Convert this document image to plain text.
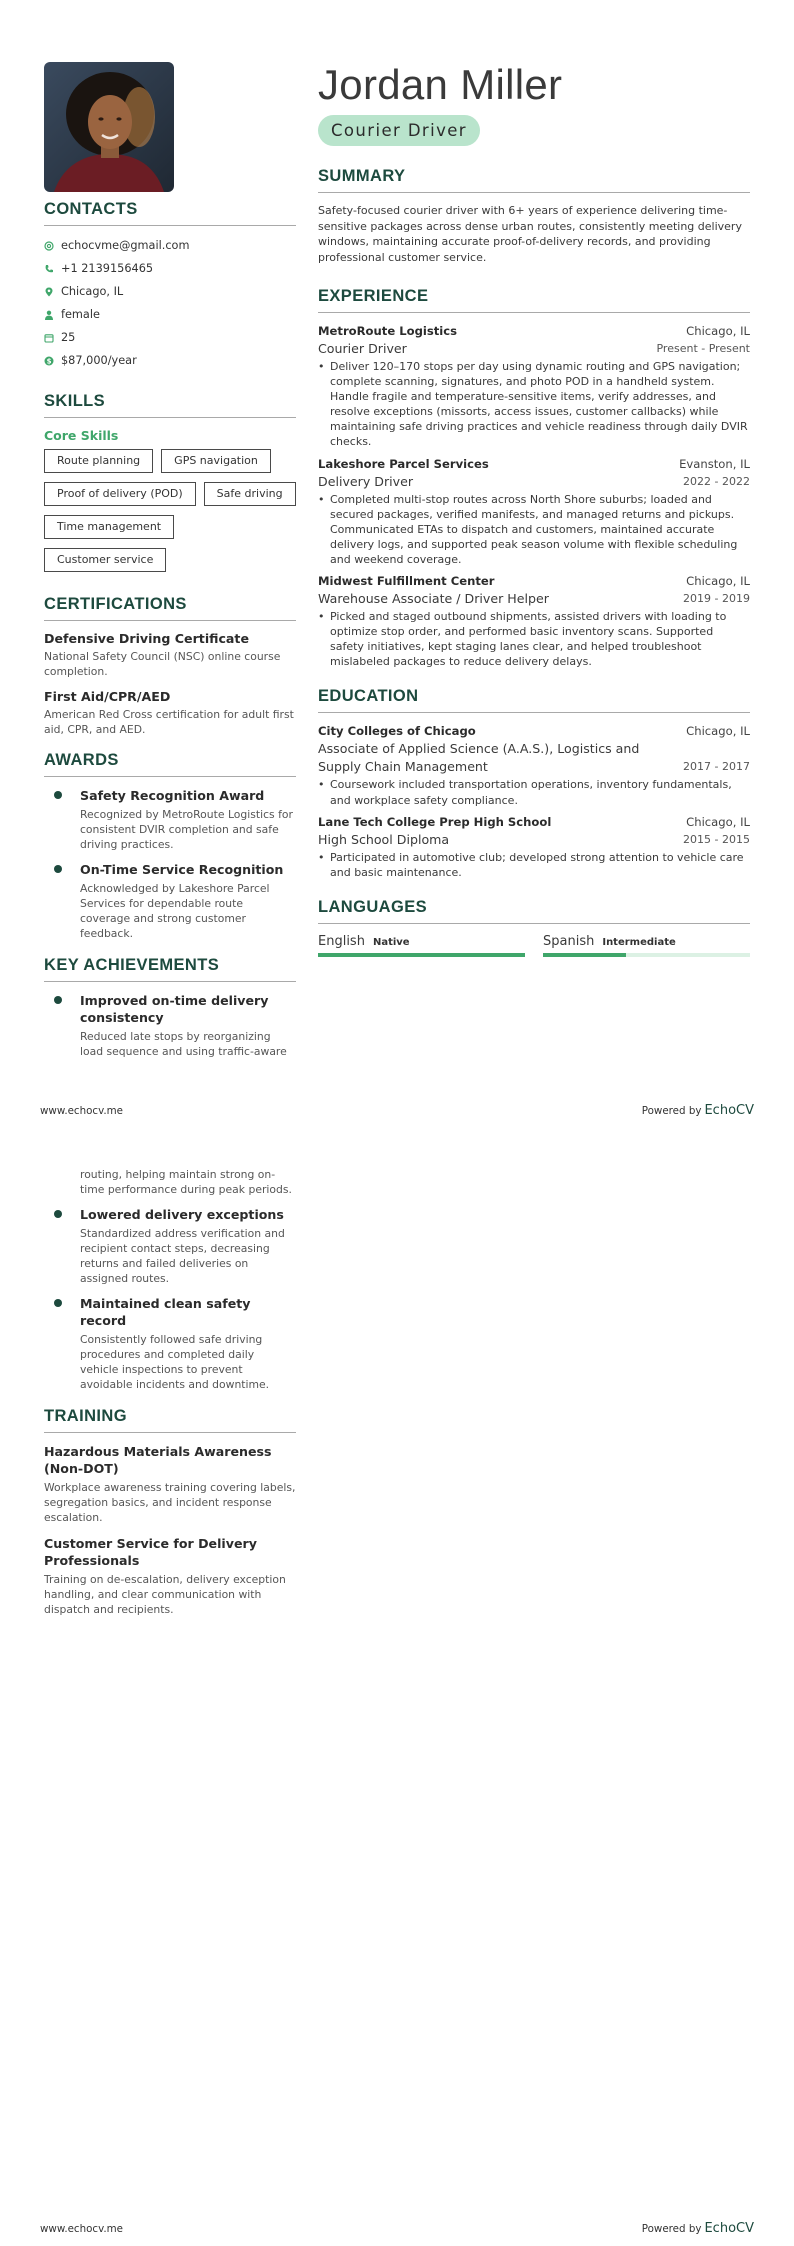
CONTACTS
echocvme@gmail.com
+1 2139156465
Chicago, IL
female
25
$ $87,000/year
SKILLS
Core Skills
Route planning	GPS navigation
Proof of delivery (POD)	Safe driving
Time management
Customer service
CERTIFICATIONS
Defensive Driving Certificate
National Safety Council (NSC) online course completion.
First Aid/CPR/AED
American Red Cross certification for adult first aid, CPR, and AED.
AWARDS
Safety Recognition Award
Recognized by MetroRoute Logistics for consistent DVIR completion and safe driving practices.
On-Time Service Recognition
Acknowledged by Lakeshore Parcel Services for dependable route coverage and strong customer feedback.
KEY ACHIEVEMENTS
Improved on-time delivery consistency
Reduced late stops by reorganizing load sequence and using traffic-aware
Jordan Miller
Courier Driver
SUMMARY
Safety-focused courier driver with 6+ years of experience delivering time-sensitive packages across dense urban routes, consistently meeting delivery windows, maintaining accurate proof-of-delivery records, and providing professional customer service.
EXPERIENCE
MetroRoute Logistics	Chicago, IL
Courier Driver	Present - Present
• Deliver 120–170 stops per day using dynamic routing and GPS navigation; complete scanning, signatures, and photo POD in a handheld system. Handle fragile and temperature-sensitive items, verify addresses, and resolve exceptions (missorts, access issues, customer callbacks) while maintaining safe driving practices and vehicle readiness through daily DVIR checks.
Lakeshore Parcel Services	Evanston, IL
Delivery Driver	2022 - 2022
• Completed multi-stop routes across North Shore suburbs; loaded and secured packages, verified manifests, and managed returns and pickups. Communicated ETAs to dispatch and customers, maintained accurate delivery logs, and supported peak season volume with flexible scheduling and weekend coverage.
Midwest Fulfillment Center	Chicago, IL
Warehouse Associate / Driver Helper	2019 - 2019
• Picked and staged outbound shipments, assisted drivers with loading to optimize stop order, and performed basic inventory scans. Supported safety initiatives, kept staging lanes clear, and helped troubleshoot mislabeled packages to reduce delivery delays.
EDUCATION
City Colleges of Chicago	Chicago, IL
Associate of Applied Science (A.A.S.), Logistics and Supply Chain Management	2017 - 2017
• Coursework included transportation operations, inventory fundamentals, and workplace safety compliance.
Lane Tech College Prep High School	Chicago, IL
High School Diploma	2015 - 2015
• Participated in automotive club; developed strong attention to vehicle care and basic maintenance.
LANGUAGES
English Native	Spanish Intermediate
www.echocv.me	Powered by EchoCV
routing, helping maintain strong on-time performance during peak periods.
Lowered delivery exceptions
Standardized address verification and recipient contact steps, decreasing returns and failed deliveries on assigned routes.
Maintained clean safety record
Consistently followed safe driving procedures and completed daily vehicle inspections to prevent avoidable incidents and downtime.
TRAINING
Hazardous Materials Awareness (Non-DOT)
Workplace awareness training covering labels, segregation basics, and incident response escalation.
Customer Service for Delivery Professionals
Training on de-escalation, delivery exception handling, and clear communication with dispatch and recipients.
www.echocv.me	Powered by EchoCV
